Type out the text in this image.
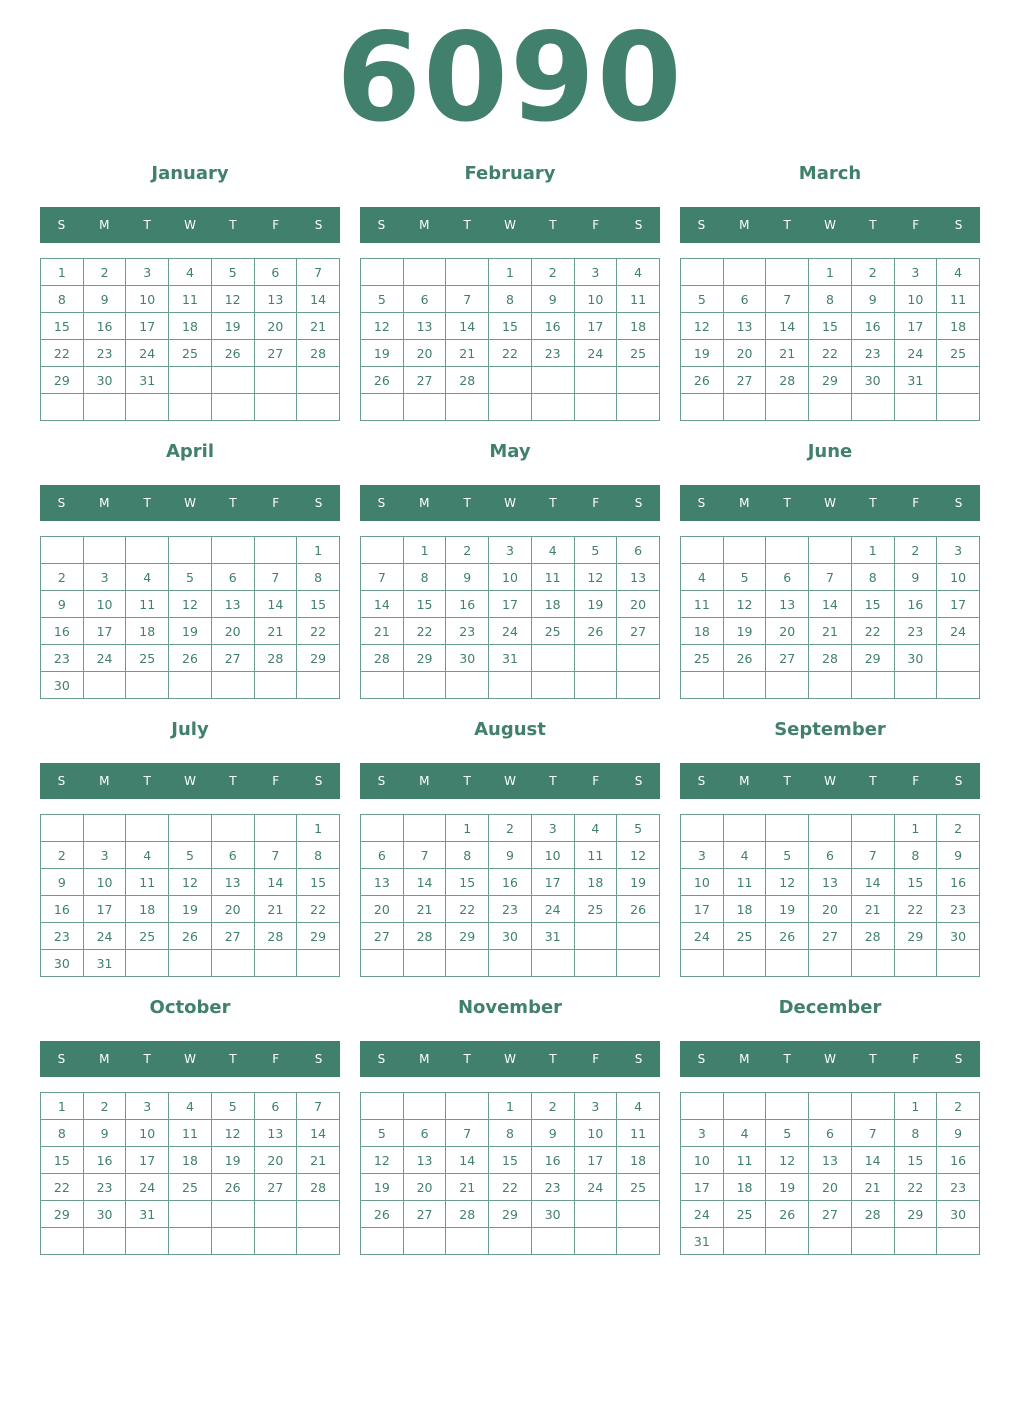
6090
January
S	M	T	W	T	F	S
1	2	3	4	5	6	7
8	9	10	11	12	13	14
15	16	17	18	19	20	21
22	23	24	25	26	27	28
29	30	31				

February
S	M	T	W	T	F	S
			1	2	3	4
5	6	7	8	9	10	11
12	13	14	15	16	17	18
19	20	21	22	23	24	25
26	27	28				

March
S	M	T	W	T	F	S
			1	2	3	4
5	6	7	8	9	10	11
12	13	14	15	16	17	18
19	20	21	22	23	24	25
26	27	28	29	30	31	

April
S	M	T	W	T	F	S
						1
2	3	4	5	6	7	8
9	10	11	12	13	14	15
16	17	18	19	20	21	22
23	24	25	26	27	28	29
30						
May
S	M	T	W	T	F	S
	1	2	3	4	5	6
7	8	9	10	11	12	13
14	15	16	17	18	19	20
21	22	23	24	25	26	27
28	29	30	31			

June
S	M	T	W	T	F	S
				1	2	3
4	5	6	7	8	9	10
11	12	13	14	15	16	17
18	19	20	21	22	23	24
25	26	27	28	29	30	

July
S	M	T	W	T	F	S
						1
2	3	4	5	6	7	8
9	10	11	12	13	14	15
16	17	18	19	20	21	22
23	24	25	26	27	28	29
30	31					
August
S	M	T	W	T	F	S
		1	2	3	4	5
6	7	8	9	10	11	12
13	14	15	16	17	18	19
20	21	22	23	24	25	26
27	28	29	30	31		

September
S	M	T	W	T	F	S
					1	2
3	4	5	6	7	8	9
10	11	12	13	14	15	16
17	18	19	20	21	22	23
24	25	26	27	28	29	30

October
S	M	T	W	T	F	S
1	2	3	4	5	6	7
8	9	10	11	12	13	14
15	16	17	18	19	20	21
22	23	24	25	26	27	28
29	30	31				

November
S	M	T	W	T	F	S
			1	2	3	4
5	6	7	8	9	10	11
12	13	14	15	16	17	18
19	20	21	22	23	24	25
26	27	28	29	30		

December
S	M	T	W	T	F	S
					1	2
3	4	5	6	7	8	9
10	11	12	13	14	15	16
17	18	19	20	21	22	23
24	25	26	27	28	29	30
31						
